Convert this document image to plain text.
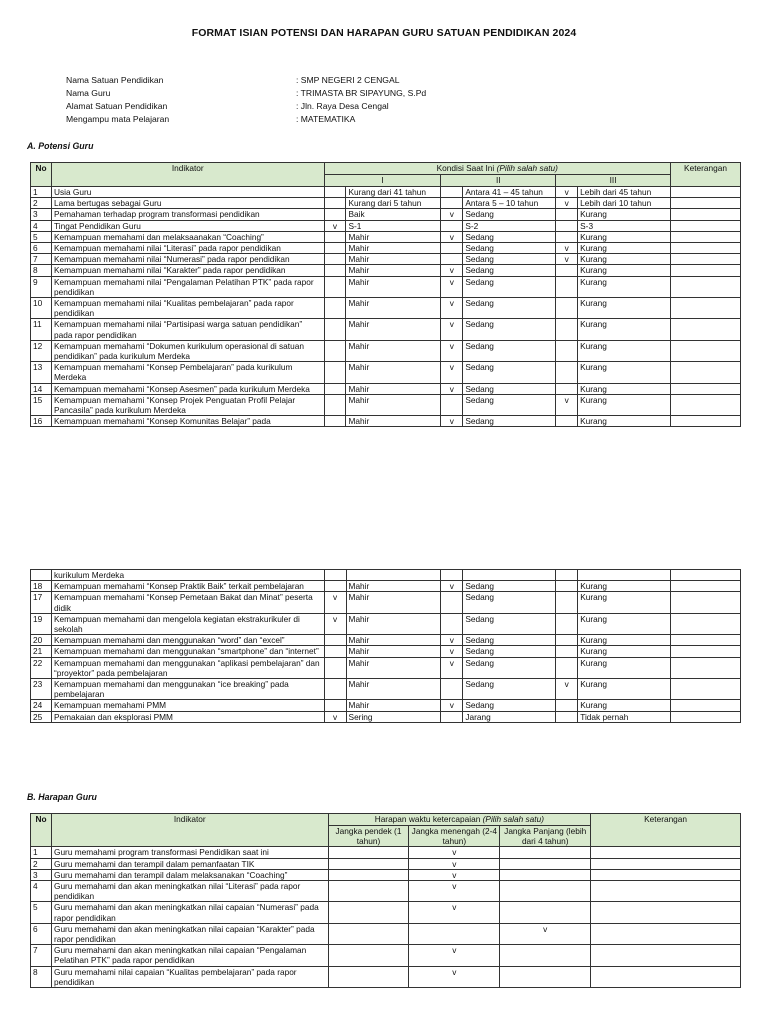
FORMAT ISIAN POTENSI DAN HARAPAN GURU SATUAN PENDIDIKAN 2024
Nama Satuan Pendidikan	: SMP NEGERI 2 CENGAL
Nama Guru	: TRIMASTA BR SIPAYUNG, S.Pd
Alamat Satuan Pendidikan	: Jln. Raya Desa Cengal
Mengampu mata Pelajaran	: MATEMATIKA
A. Potensi Guru
No	Indikator	Kondisi Saat Ini (Pilih salah satu)						Keterangan
		I		II		III		
1	Usia Guru		Kurang dari 41 tahun		Antara 41 – 45 tahun	v	Lebih dari 45 tahun	
2	Lama bertugas sebagai Guru		Kurang dari 5 tahun		Antara 5 – 10 tahun	v	Lebih dari 10 tahun	
3	Pemahaman terhadap program transformasi pendidikan		Baik	v	Sedang		Kurang	
4	Tingat Pendidikan Guru	v	S-1		S-2		S-3	
5	Kemampuan memahami dan melaksaanakan “Coaching”		Mahir	v	Sedang		Kurang	
6	Kemampuan memahami nilai “Literasi” pada rapor pendidikan		Mahir		Sedang	v	Kurang	
7	Kemampuan memahami nilai “Numerasi” pada rapor pendidikan		Mahir		Sedang	v	Kurang	
8	Kemampuan memahami nilai “Karakter” pada rapor pendidikan		Mahir	v	Sedang		Kurang	
9	Kemampuan memahami nilai “Pengalaman Pelatihan PTK” pada rapor pendidikan		Mahir	v	Sedang		Kurang	
10	Kemampuan memahami nilai “Kualitas pembelajaran” pada rapor pendidikan		Mahir	v	Sedang		Kurang	
11	Kemampuan memahami nilai “Partisipasi warga satuan pendidikan” pada rapor pendidikan		Mahir	v	Sedang		Kurang	
12	Kemampuan memahami “Dokumen kurikulum operasional di satuan pendidikan” pada kurikulum Merdeka		Mahir	v	Sedang		Kurang	
13	Kemampuan memahami “Konsep Pembelajaran” pada kurikulum Merdeka		Mahir	v	Sedang		Kurang	
14	Kemampuan memahami “Konsep Asesmen” pada kurikulum Merdeka		Mahir	v	Sedang		Kurang	
15	Kemampuan memahami “Konsep Projek Penguatan Profil Pelajar Pancasila” pada kurikulum Merdeka		Mahir		Sedang	v	Kurang	
16	Kemampuan memahami “Konsep Komunitas Belajar” pada		Mahir	v	Sedang		Kurang	
	kurikulum Merdeka							
18	Kemampuan memahami “Konsep Praktik Baik” terkait pembelajaran		Mahir	v	Sedang		Kurang	
17	Kemampuan memahami “Konsep Pemetaan Bakat dan Minat” peserta didik	v	Mahir		Sedang		Kurang	
19	Kemampuan memahami dan mengelola kegiatan ekstrakurikuler di sekolah	v	Mahir		Sedang		Kurang	
20	Kemampuan memahami dan menggunakan “word” dan “excel”		Mahir	v	Sedang		Kurang	
21	Kemampuan memahami dan menggunakan “smartphone” dan “internet”		Mahir	v	Sedang		Kurang	
22	Kemampuan memahami dan menggunakan “aplikasi pembelajaran” dan “proyektor” pada pembelajaran		Mahir	v	Sedang		Kurang	
23	Kemampuan memahami dan menggunakan “ice breaking” pada pembelajaran		Mahir		Sedang	v	Kurang	
24	Kemampuan memahami PMM		Mahir	v	Sedang		Kurang	
25	Pemakaian dan eksplorasi PMM	v	Sering		Jarang		Tidak pernah	
B. Harapan Guru
No	Indikator	Harapan waktu ketercapaian (Pilih salah satu)			Keterangan
		Jangka pendek (1 tahun)	Jangka menengah (2-4 tahun)	Jangka Panjang (lebih dari 4 tahun)	
1	Guru memahami program transformasi Pendidikan saat ini		v		
2	Guru memahami dan terampil dalam pemanfaatan TIK		v		
3	Guru memahami dan terampil dalam melaksanakan “Coaching”		v		
4	Guru memahami dan akan meningkatkan nilai “Literasi” pada rapor pendidikan		v		
5	Guru memahami dan akan meningkatkan nilai capaian “Numerasi” pada rapor pendidikan		v		
6	Guru memahami dan akan meningkatkan nilai capaian “Karakter” pada rapor pendidikan			v	
7	Guru memahami dan akan meningkatkan nilai capaian “Pengalaman Pelatihan PTK” pada rapor pendidikan		v		
8	Guru memahami nilai capaian “Kualitas pembelajaran” pada rapor pendidikan		v		
